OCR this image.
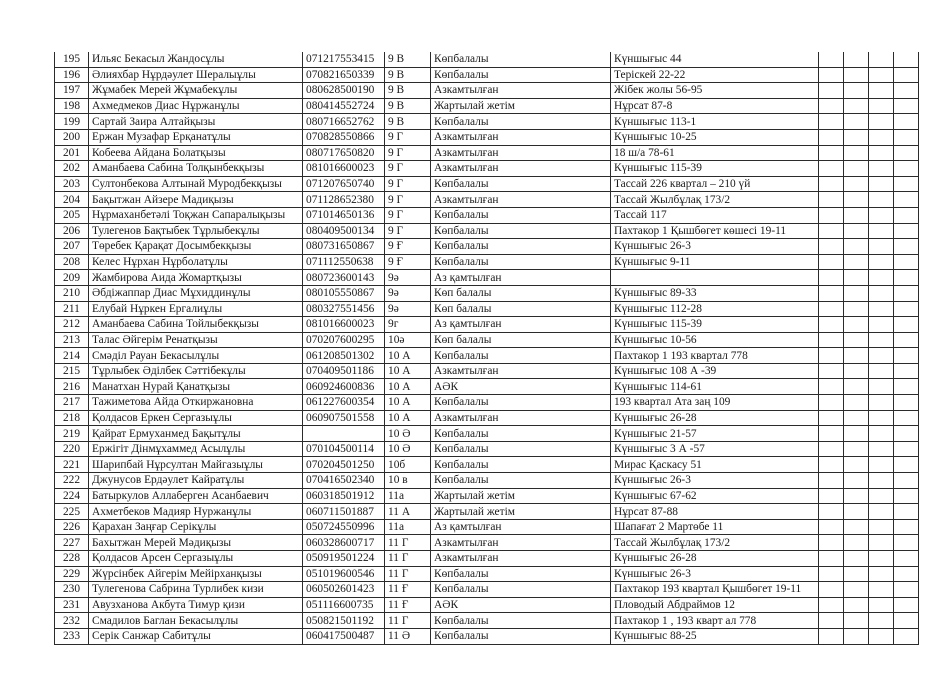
195	Ильяс Бекасыл Жандосұлы	071217553415	9 В	Көпбалалы	Күншығыс 44				
196	Әлияхбар Нұрдәулет Шералыұлы	070821650339	9 В	Көпбалалы	Терiскей 22-22				
197	Жұмабек Мерей Жұмабекұлы	080628500190	9 В	Азкамтылған	Жiбек жолы 56-95				
198	Ахмедмеков Диас Нұржанұлы	080414552724	9 В	Жартылай жетiм	Нұрсат 87-8				
199	Сартай Заира Алтайқызы	080716652762	9 В	Көпбалалы	Күншығыс 113-1				
200	Ержан Музафар Ерқанатұлы	070828550866	9 Г	Азкамтылған	Күншығыс 10-25				
201	Кобеева Айдана Болатқызы	080717650820	9 Г	Азкамтылған	18 ш/а 78-61				
202	Аманбаева Сабина Толқынбекқызы	081016600023	9 Г	Азкамтылған	Күншығыс 115-39				
203	Султонбекова Алтынай Муродбекқызы	071207650740	9 Г	Көпбалалы	Тассай 226 квартал – 210 үй				
204	Бақытжан Айзере Мадиқызы	071128652380	9 Г	Азкамтылған	Тассай Жылбұлақ 173/2				
205	Нұрмаханбетәлi Тоқжан Сапаралықызы	071014650136	9 Г	Көпбалалы	Тассай 117				
206	Тулегенов Бақтыбек Тұрлыбекұлы	080409500134	9 Г	Көпбалалы	Пахтакор 1 Қышбөгет көшесi 19-11				
207	Төребек Қарақат Досымбекқызы	080731650867	9 Ғ	Көпбалалы	Күншығыс 26-3				
208	Келес Нұрхан Нұрболатұлы	071112550638	9 Ғ	Көпбалалы	Күншығыс 9-11				
209	Жамбирова Аида Жомартқызы	080723600143	9ә	Аз қамтылған					
210	Әбдiжаппар Диас Мұхиддинұлы	080105550867	9ә	Көп балалы	Күншығыс 89-33				
211	Елубай Нұркен Ергалиұлы	080327551456	9ә	Көп балалы	Күншығыс 112-28				
212	Аманбаева Сабина Тойлыбекқызы	081016600023	9г	Аз қамтылған	Күншығыс 115-39				
213	Талас Әйгерiм Ренатқызы	070207600295	10ә	Көп балалы	Күншығыс 10-56				
214	Смәдiл Рауан Бекасылұлы	061208501302	10 А	Көпбалалы	Пахтакор 1 193 квартал 778				
215	Тұрлыбек Әдiлбек Сәттiбекұлы	070409501186	10 А	Азкамтылған	Күншығыс 108 А -39				
216	Манатхан Нурай Қанатқызы	060924600836	10 А	АӘК	Күншығыс 114-61				
217	Тажиметова Айда Откиржановна	061227600354	10 А	Көпбалалы	193 квартал Ата заң 109				
218	Қолдасов Еркен Сергазыұлы	060907501558	10 А	Азкамтылған	Күншығыс 26-28				
219	Қайрат Ермуханмед Бақытұлы		10 Ә	Көпбалалы	Күншығыс 21-57				
220	Ержiгiт Дiнмұхаммед Асылұлы	070104500114	10 Ә	Көпбалалы	Күншығыс 3 А -57				
221	Шарипбай Нұрсултан Майгазыұлы	070204501250	10б	Көпбалалы	Мирас Қаскасу 51				
222	Джунусов Ердәулет Кайратұлы	070416502340	10 в	Көпбалалы	Күншығыс 26-3				
224	Батыркулов Аллаберген Асанбаевич	060318501912	11а	Жартылай жетiм	Күншығыс 67-62				
225	Ахметбеков Мадияр Нуржанұлы	060711501887	11 А	Жартылай жетiм	Нұрсат 87-88				
226	Қарахан Заңғар Серiкұлы	050724550996	11а	Аз қамтылған	Шапағат 2 Мартөбе 11				
227	Бахытжан Мерей Мәдиқызы	060328600717	11 Г	Азкамтылған	Тассай Жылбұлақ 173/2				
228	Қолдасов Арсен Сергазыұлы	050919501224	11 Г	Азкамтылған	Күншығыс 26-28				
229	Жүрсiнбек Айгерiм Мейiрханқызы	051019600546	11 Г	Көпбалалы	Күншығыс 26-3				
230	Тулегенова Сабрина Турлибек кизи	060502601423	11 Ғ	Көпбалалы	Пахтакор 193 квартал Қышбөгет 19-11				
231	Авузханова Акбута Тимур қизи	051116600735	11 Ғ	АӘК	Пловодый Абдраймов 12				
232	Смадилов Баглан Бекасылұлы	050821501192	11 Г	Көпбалалы	Пахтакор 1 , 193 кварт ал 778				
233	Серiк Санжар Сабитұлы	060417500487	11 Ә	Көпбалалы	Күншығыс 88-25				
